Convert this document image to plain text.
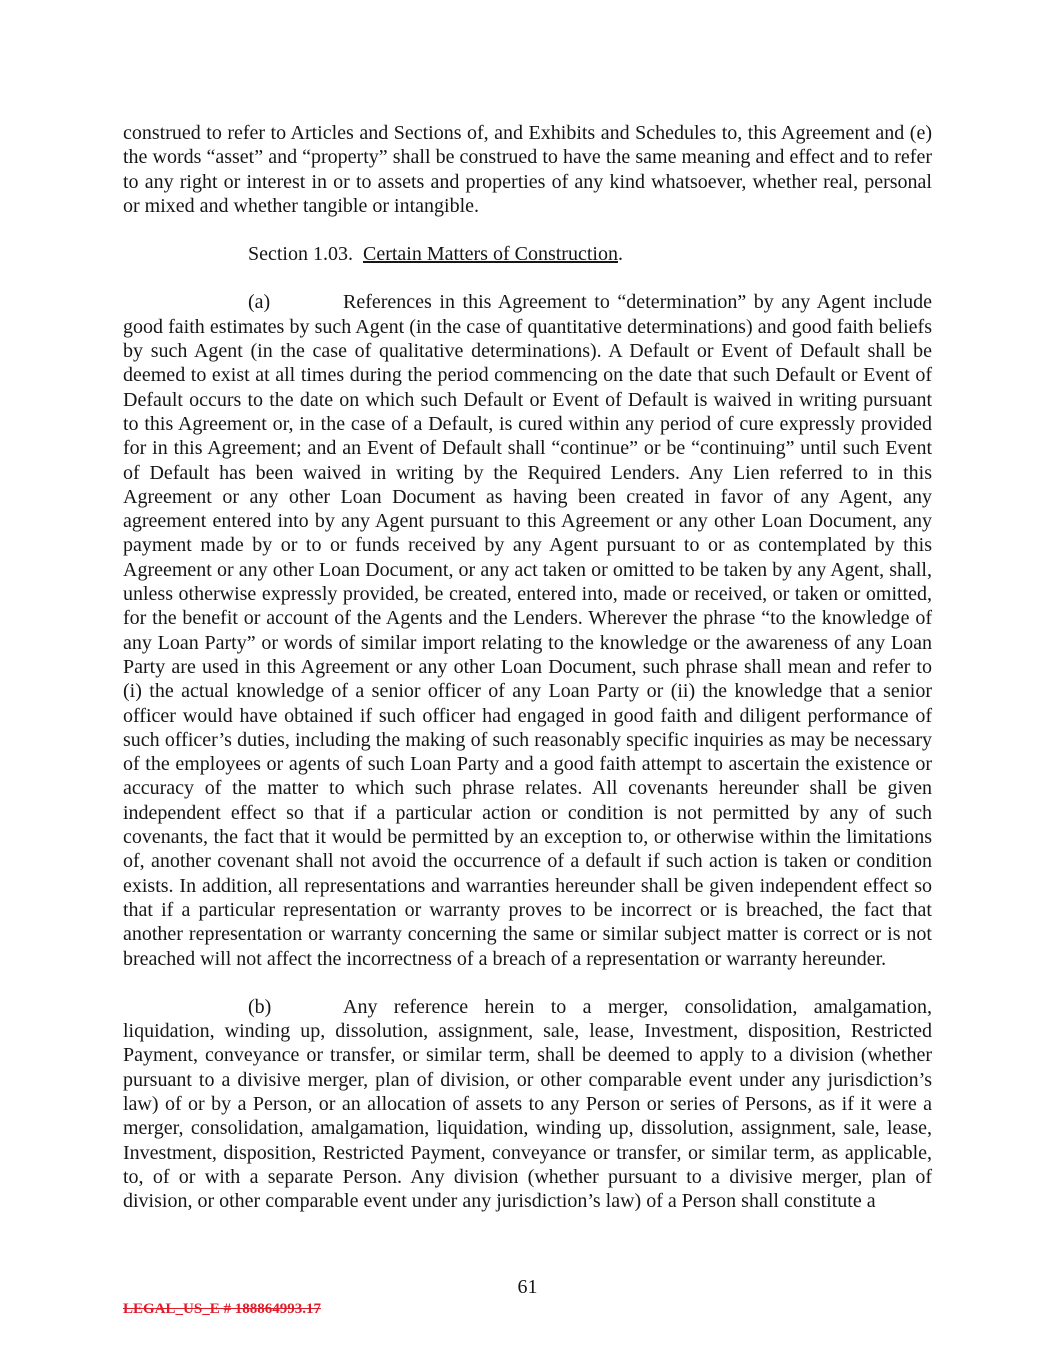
construed to refer to Articles and Sections of, and Exhibits and Schedules to, this Agreement and (e) the words “asset” and “property” shall be construed to have the same meaning and effect and to refer to any right or interest in or to assets and properties of any kind whatsoever, whether real, personal or mixed and whether tangible or intangible.

Section 1.03. Certain Matters of Construction.

(a)	References in this Agreement to “determination” by any Agent include good faith estimates by such Agent (in the case of quantitative determinations) and good faith beliefs by such Agent (in the case of qualitative determinations). A Default or Event of Default shall be deemed to exist at all times during the period commencing on the date that such Default or Event of Default occurs to the date on which such Default or Event of Default is waived in writing pursuant to this Agreement or, in the case of a Default, is cured within any period of cure expressly provided for in this Agreement; and an Event of Default shall “continue” or be “continuing” until such Event of Default has been waived in writing by the Required Lenders. Any Lien referred to in this Agreement or any other Loan Document as having been created in favor of any Agent, any agreement entered into by any Agent pursuant to this Agreement or any other Loan Document, any payment made by or to or funds received by any Agent pursuant to or as contemplated by this Agreement or any other Loan Document, or any act taken or omitted to be taken by any Agent, shall, unless otherwise expressly provided, be created, entered into, made or received, or taken or omitted, for the benefit or account of the Agents and the Lenders. Wherever the phrase “to the knowledge of any Loan Party” or words of similar import relating to the knowledge or the awareness of any Loan Party are used in this Agreement or any other Loan Document, such phrase shall mean and refer to (i) the actual knowledge of a senior officer of any Loan Party or (ii) the knowledge that a senior officer would have obtained if such officer had engaged in good faith and diligent performance of such officer’s duties, including the making of such reasonably specific inquiries as may be necessary of the employees or agents of such Loan Party and a good faith attempt to ascertain the existence or accuracy of the matter to which such phrase relates. All covenants hereunder shall be given independent effect so that if a particular action or condition is not permitted by any of such covenants, the fact that it would be permitted by an exception to, or otherwise within the limitations of, another covenant shall not avoid the occurrence of a default if such action is taken or condition exists. In addition, all representations and warranties hereunder shall be given independent effect so that if a particular representation or warranty proves to be incorrect or is breached, the fact that another representation or warranty concerning the same or similar subject matter is correct or is not breached will not affect the incorrectness of a breach of a representation or warranty hereunder.

(b)	Any reference herein to a merger, consolidation, amalgamation, liquidation, winding up, dissolution, assignment, sale, lease, Investment, disposition, Restricted Payment, conveyance or transfer, or similar term, shall be deemed to apply to a division (whether pursuant to a divisive merger, plan of division, or other comparable event under any jurisdiction’s law) of or by a Person, or an allocation of assets to any Person or series of Persons, as if it were a merger, consolidation, amalgamation, liquidation, winding up, dissolution, assignment, sale, lease, Investment, disposition, Restricted Payment, conveyance or transfer, or similar term, as applicable, to, of or with a separate Person. Any division (whether pursuant to a divisive merger, plan of division, or other comparable event under any jurisdiction’s law) of a Person shall constitute a

61
LEGAL_US_E # 188864993.17
